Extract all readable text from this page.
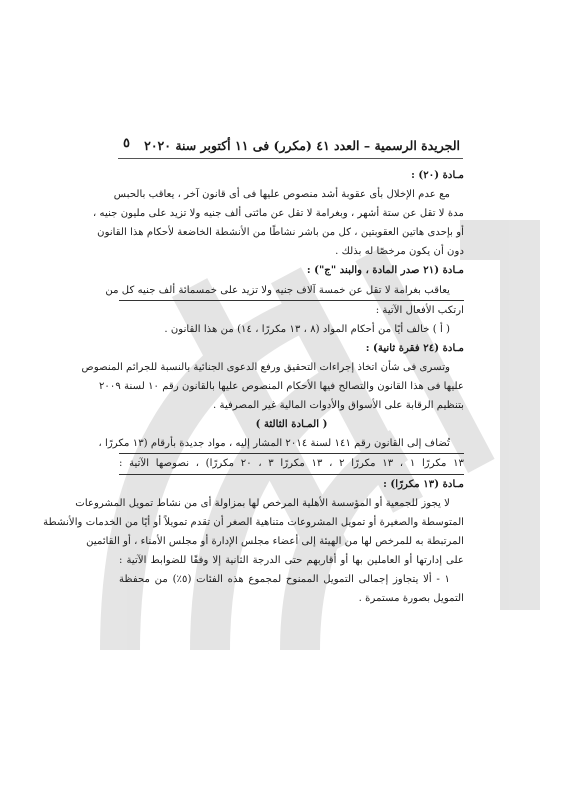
الجريدة الرسمية – العدد ٤١ (مكرر) فى ١١ أكتوبر سنة ٢٠٢٠
٥
مـادة (٢٠) :
مع عدم الإخلال بأى عقوبة أشد منصوص عليها فى أى قانون آخر ، يعاقب بالحبس
مدة لا تقل عن ستة أشهر ، وبغرامة لا تقل عن مائتى ألف جنيه ولا تزيد على مليون جنيه ،
أو بإحدى هاتين العقوبتين ، كل من باشر نشاطًا من الأنشطة الخاضعة لأحكام هذا القانون
دون أن يكون مرخصًا له بذلك .
مـادة (٢١ صدر المادة ، والبند "ج") :
يعاقب بغرامة لا تقل عن خمسة آلاف جنيه ولا تزيد على خمسمائة ألف جنيه كل من
ارتكب الأفعال الآتية :
( أ ) خالف أيًا من أحكام المواد (٨ ، ١٣ مكررًا ، ١٤) من هذا القانون .
مـادة (٢٤ فقرة ثانية) :
وتسرى فى شأن اتخاذ إجراءات التحقيق ورفع الدعوى الجنائية بالنسبة للجرائم المنصوص
عليها فى هذا القانون والتصالح فيها الأحكام المنصوص عليها بالقانون رقم ١٠ لسنة ٢٠٠٩
بتنظيم الرقابة على الأسواق والأدوات المالية غير المصرفية .
( المـادة الثالثة )
تُضاف إلى القانون رقم ١٤١ لسنة ٢٠١٤ المشار إليه ، مواد جديدة بأرقام (١٣ مكررًا ،
١٣ مكررًا ١ ، ١٣ مكررًا ٢ ، ١٣ مكررًا ٣ ، ٢٠ مكررًا) ، نصوصها الآتية :
مـادة (١٣ مكررًا) :
لا يجوز للجمعية أو المؤسسة الأهلية المرخص لها بمزاولة أى من نشاط تمويل المشروعات
المتوسطة والصغيرة أو تمويل المشروعات متناهية الصغر أن تقدم تمويلاً أو أيًا من الخدمات والأنشطة
المرتبطة به للمرخص لها من الهيئة إلى أعضاء مجلس الإدارة أو مجلس الأمناء ، أو القائمين
على إدارتها أو العاملين بها أو أقاربهم حتى الدرجة الثانية إلا وفقًا للضوابط الآتية :
١ - ألا يتجاوز إجمالى التمويل الممنوح لمجموع هذه الفئات (٥٪) من محفظة
التمويل بصورة مستمرة .
